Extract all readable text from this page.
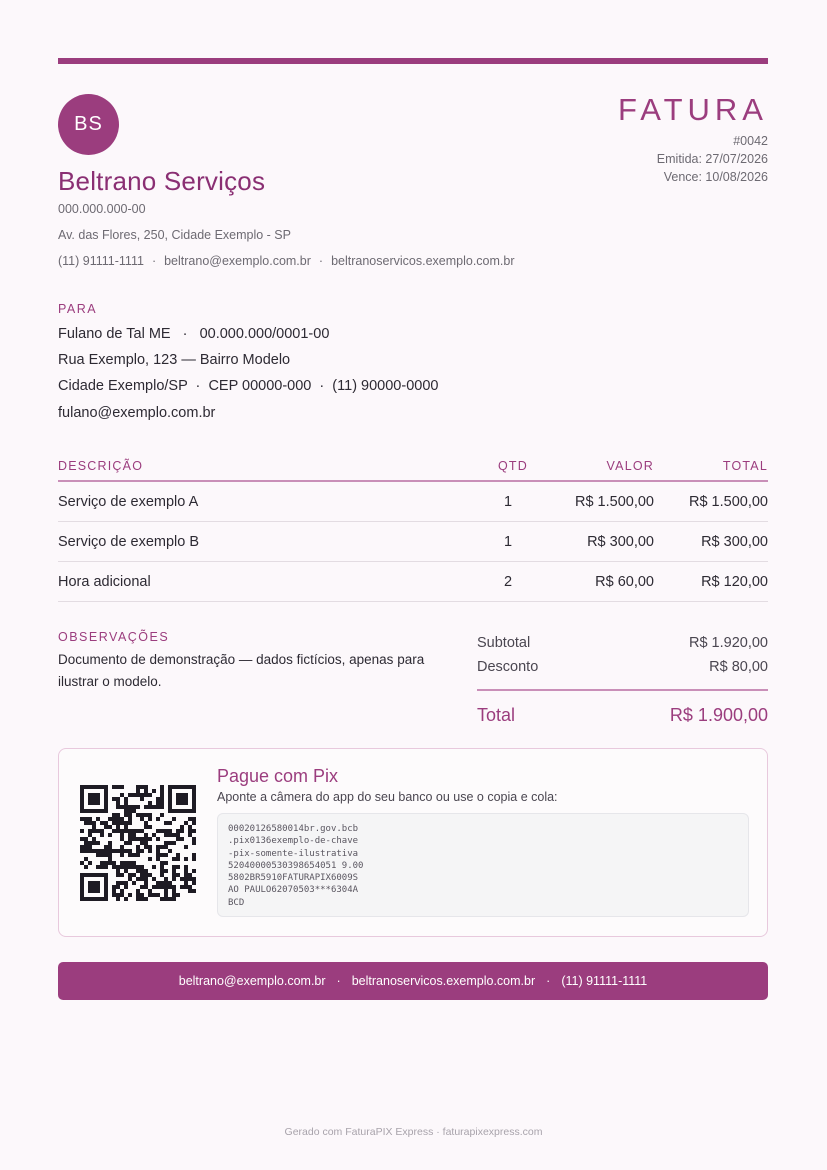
BS
Beltrano Serviços
000.000.000-00
Av. das Flores, 250, Cidade Exemplo - SP
(11) 91111-1111 · beltrano@exemplo.com.br · beltranoservicos.exemplo.com.br
FATURA
#0042
Emitida: 27/07/2026
Vence: 10/08/2026
PARA
Fulano de Tal ME   ·   00.000.000/0001-00
Rua Exemplo, 123 — Bairro Modelo
Cidade Exemplo/SP  ·  CEP 00000-000  ·  (11) 90000-0000
fulano@exemplo.com.br
DESCRIÇÃO	QTD	VALOR	TOTAL
Serviço de exemplo A	1	R$ 1.500,00 R$ 1.500,00
Serviço de exemplo B	1	R$ 300,00	R$ 300,00
Hora adicional	2	R$ 60,00	R$ 120,00
OBSERVAÇÕES
Documento de demonstração — dados fictícios, apenas para ilustrar o modelo.
Subtotal	R$ 1.920,00
Desconto	R$ 80,00
Total	R$ 1.900,00
Pague com Pix
Aponte a câmera do app do seu banco ou use o copia e cola:
00020126580014br.gov.bcb
.pix0136exemplo-de-chave
-pix-somente-ilustrativa
52040000530398654051 9.00
5802BR5910FATURAPIX6009S
AO PAULO62070503***6304A
BCD
beltrano@exemplo.com.br · beltranoservicos.exemplo.com.br · (11) 91111-1111
Gerado com FaturaPIX Express · faturapixexpress.com
